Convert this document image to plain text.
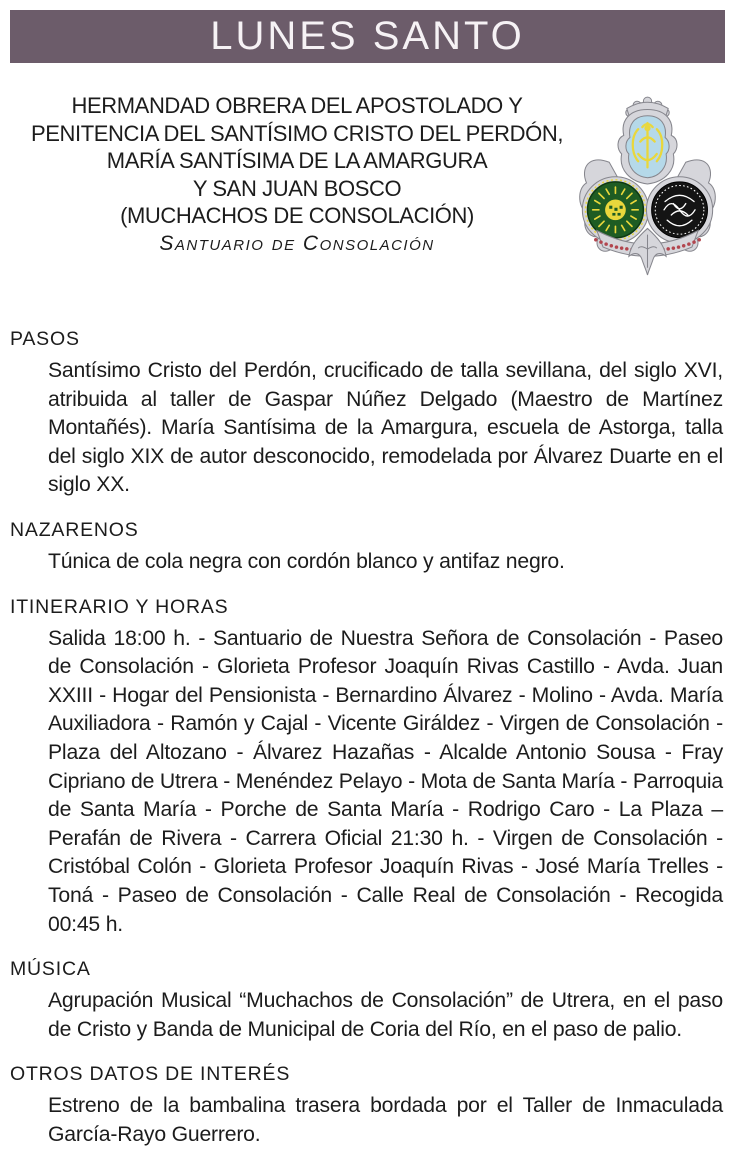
LUNES SANTO
HERMANDAD OBRERA DEL APOSTOLADO Y
PENITENCIA DEL SANTÍSIMO CRISTO DEL PERDÓN,
MARÍA SANTÍSIMA DE LA AMARGURA
Y SAN JUAN BOSCO
(MUCHACHOS DE CONSOLACIÓN)
Santuario de Consolación
PASOS

Santísimo Cristo del Perdón, crucificado de talla sevillana, del siglo XVI, atribuida al taller de Gaspar Núñez Delgado (Maestro de Martínez Montañés). María Santísima de la Amargura, escuela de Astorga, talla del siglo XIX de autor desconocido, remodelada por Álvarez Duarte en el siglo XX.

NAZARENOS

Túnica de cola negra con cordón blanco y antifaz negro.

ITINERARIO Y HORAS

Salida 18:00 h. - Santuario de Nuestra Señora de Consolación - Paseo de Consolación - Glorieta Profesor Joaquín Rivas Castillo - Avda. Juan XXIII - Hogar del Pensionista - Bernardino Álvarez - Molino - Avda. María Auxiliadora - Ramón y Cajal - Vicente Giráldez - Virgen de Consolación - Plaza del Altozano - Álvarez Hazañas - Alcalde Antonio Sousa - Fray Cipriano de Utrera - Menéndez Pelayo - Mota de Santa María - Parroquia de Santa María - Porche de Santa María - Rodrigo Caro - La Plaza – Perafán de Rivera - Carrera Oficial 21:30 h. - Virgen de Consolación - Cristóbal Colón - Glorieta Profesor Joaquín Rivas - José María Trelles - Toná - Paseo de Consolación - Calle Real de Consolación - Recogida 00:45 h.

MÚSICA

Agrupación Musical “Muchachos de Consolación” de Utrera, en el paso de Cristo y Banda de Municipal de Coria del Río, en el paso de palio.

OTROS DATOS DE INTERÉS

Estreno de la bambalina trasera bordada por el Taller de Inmaculada García-Rayo Guerrero.
